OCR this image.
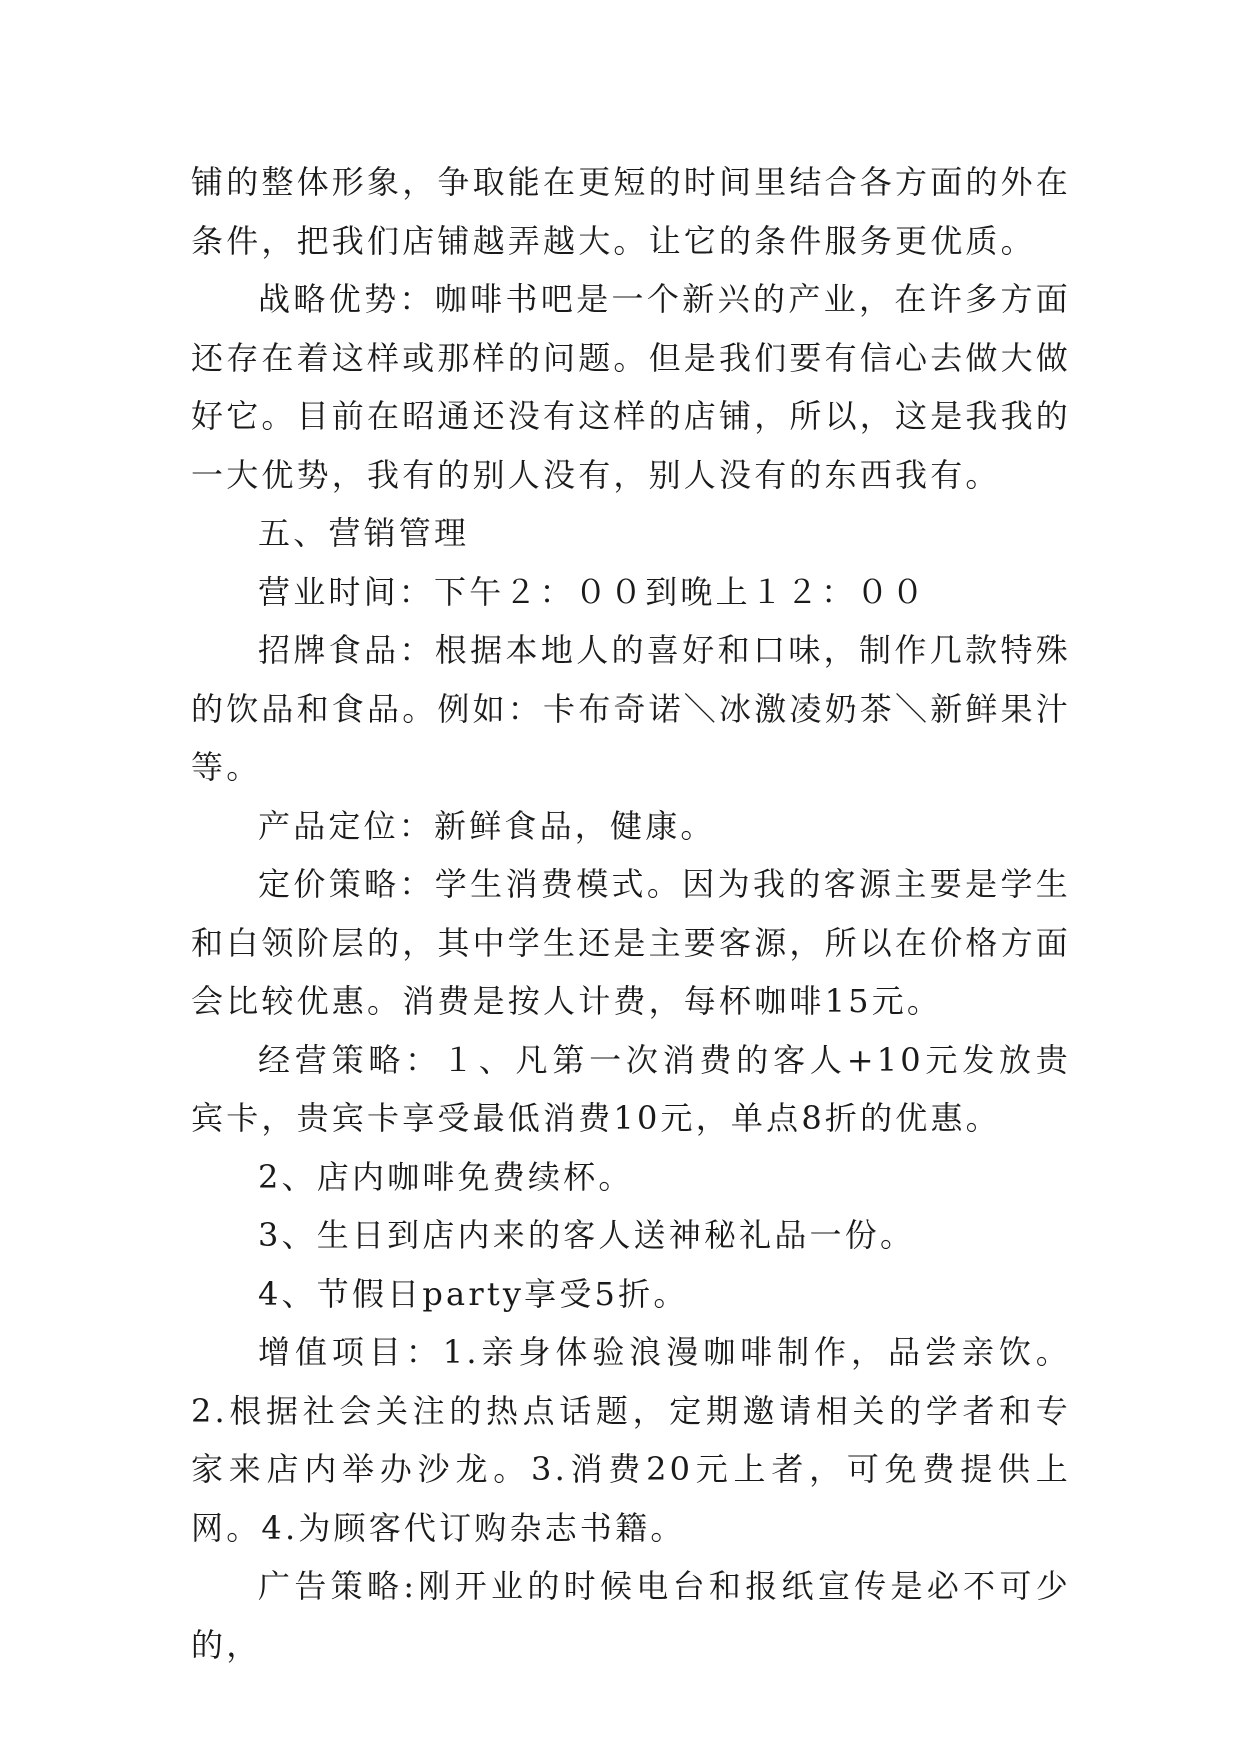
铺的整体形象，争取能在更短的时间里结合各方面的外在条件，把我们店铺越弄越大。让它的条件服务更优质。

战略优势：咖啡书吧是一个新兴的产业，在许多方面还存在着这样或那样的问题。但是我们要有信心去做大做好它。目前在昭通还没有这样的店铺，所以，这是我我的一大优势，我有的别人没有，别人没有的东西我有。

五、营销管理

营业时间：下午２：００到晚上１２：００

招牌食品：根据本地人的喜好和口味，制作几款特殊的饮品和食品。例如：卡布奇诺＼冰激凌奶茶＼新鲜果汁等。

产品定位：新鲜食品，健康。

定价策略：学生消费模式。因为我的客源主要是学生和白领阶层的，其中学生还是主要客源，所以在价格方面会比较优惠。消费是按人计费，每杯咖啡15元。

经营策略：１、凡第一次消费的客人+10元发放贵宾卡，贵宾卡享受最低消费10元，单点8折的优惠。

2、店内咖啡免费续杯。

3、生日到店内来的客人送神秘礼品一份。

4、节假日party享受5折。

增值项目：1.亲身体验浪漫咖啡制作，品尝亲饮。2.根据社会关注的热点话题，定期邀请相关的学者和专家来店内举办沙龙。3.消费20元上者，可免费提供上网。4.为顾客代订购杂志书籍。

广告策略:刚开业的时候电台和报纸宣传是必不可少的，
